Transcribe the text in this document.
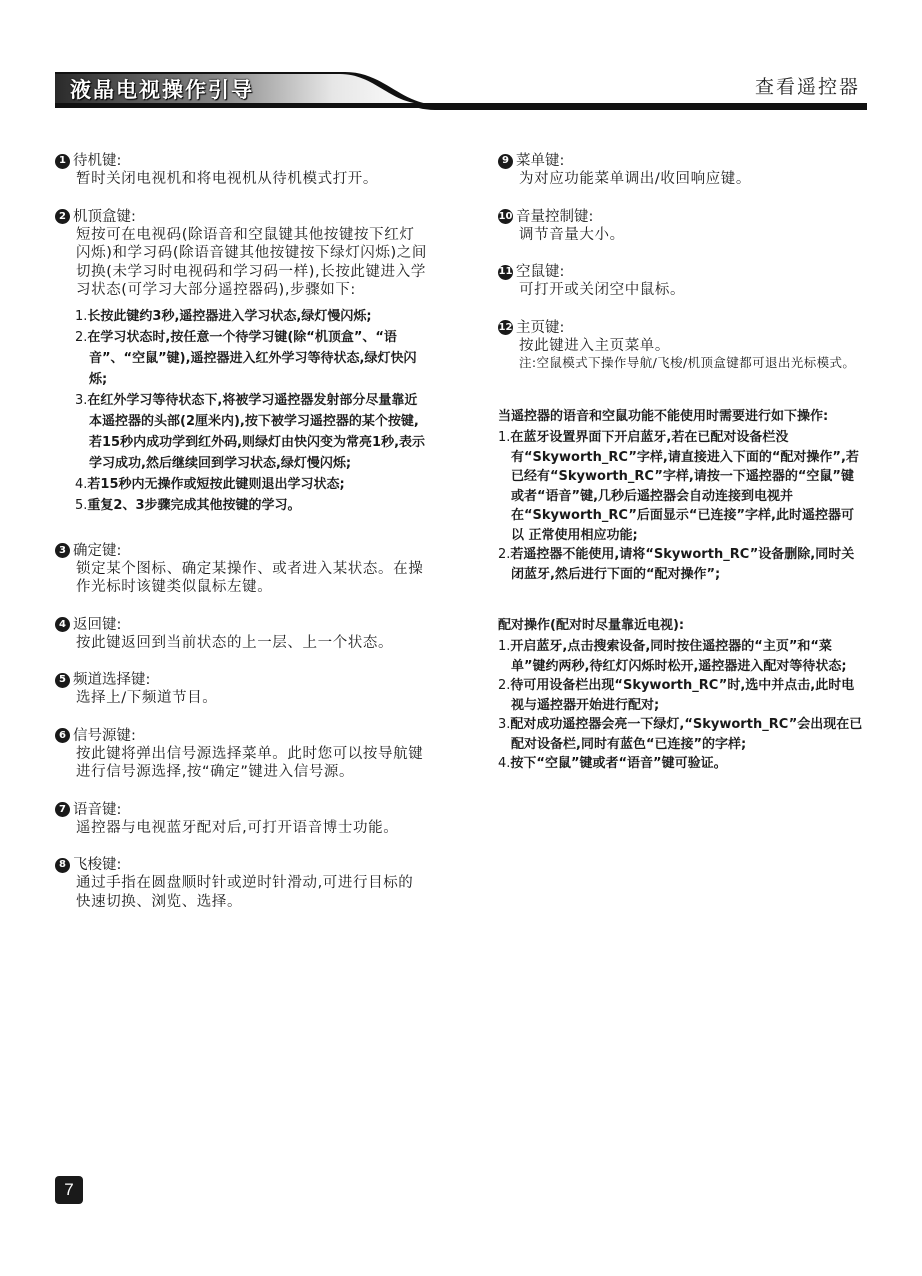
液晶电视操作引导	查看遥控器
1 待机键:
暂时关闭电视机和将电视机从待机模式打开。
2 机顶盒键:
短按可在电视码(除语音和空鼠键其他按键按下红灯闪烁)和学习码(除语音键其他按键按下绿灯闪烁)之间切换(未学习时电视码和学习码一样),长按此键进入学习状态(可学习大部分遥控器码),步骤如下:
1.长按此键约3秒,遥控器进入学习状态,绿灯慢闪烁;
2.在学习状态时,按任意一个待学习键(除“机顶盒”、“语音”、“空鼠”键),遥控器进入红外学习等待状态,绿灯快闪烁;
3.在红外学习等待状态下,将被学习遥控器发射部分尽量靠近本遥控器的头部(2厘米内),按下被学习遥控器的某个按键,若15秒内成功学到红外码,则绿灯由快闪变为常亮1秒,表示学习成功,然后继续回到学习状态,绿灯慢闪烁;
4.若15秒内无操作或短按此键则退出学习状态;
5.重复2、3步骤完成其他按键的学习。
3 确定键:
锁定某个图标、确定某操作、或者进入某状态。在操作光标时该键类似鼠标左键。
4 返回键:
按此键返回到当前状态的上一层、上一个状态。
5 频道选择键:
选择上/下频道节目。
6 信号源键:
按此键将弹出信号源选择菜单。此时您可以按导航键进行信号源选择,按“确定”键进入信号源。
7 语音键:
遥控器与电视蓝牙配对后,可打开语音博士功能。
8 飞梭键:
通过手指在圆盘顺时针或逆时针滑动,可进行目标的快速切换、浏览、选择。
9 菜单键:
为对应功能菜单调出/收回响应键。
10 音量控制键:
调节音量大小。
11 空鼠键:
可打开或关闭空中鼠标。
12 主页键:
按此键进入主页菜单。
注:空鼠模式下操作导航/飞梭/机顶盒键都可退出光标模式。
当遥控器的语音和空鼠功能不能使用时需要进行如下操作:
1.在蓝牙设置界面下开启蓝牙,若在已配对设备栏没有“Skyworth_RC”字样,请直接进入下面的“配对操作”,若已经有“Skyworth_RC”字样,请按一下遥控器的“空鼠”键或者“语音”键,几秒后遥控器会自动连接到电视并在“Skyworth_RC”后面显示“已连接”字样,此时遥控器可以 正常使用相应功能;
2.若遥控器不能使用,请将“Skyworth_RC”设备删除,同时关闭蓝牙,然后进行下面的“配对操作”;
配对操作(配对时尽量靠近电视):
1.开启蓝牙,点击搜索设备,同时按住遥控器的“主页”和“菜单”键约两秒,待红灯闪烁时松开,遥控器进入配对等待状态;
2.待可用设备栏出现“Skyworth_RC”时,选中并点击,此时电视与遥控器开始进行配对;
3.配对成功遥控器会亮一下绿灯,“Skyworth_RC”会出现在已配对设备栏,同时有蓝色“已连接”的字样;
4.按下“空鼠”键或者“语音”键可验证。
7
